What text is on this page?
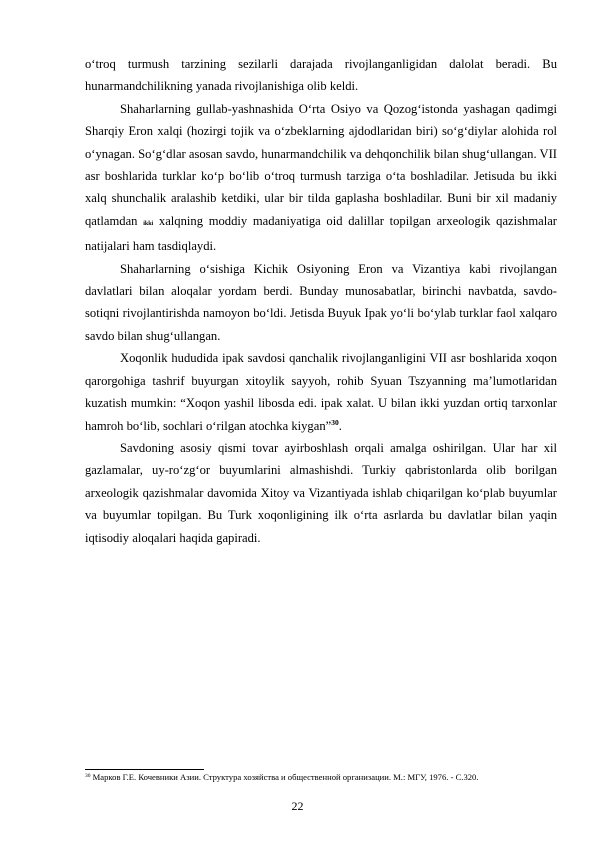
o‘troq turmush tarzining sezilarli darajada rivojlanganligidan dalolat beradi. Bu hunarmandchilikning yanada rivojlanishiga olib keldi.

Shaharlarning gullab-yashnashida O‘rta Osiyo va Qozog‘istonda yashagan qadimgi Sharqiy Eron xalqi (hozirgi tojik va o‘zbeklarning ajdodlaridan biri) so‘g‘diylar alohida rol o‘ynagan. So‘g‘dlar asosan savdo, hunarmandchilik va dehqonchilik bilan shug‘ullangan. VII asr boshlarida turklar ko‘p bo‘lib o‘troq turmush tarziga o‘ta boshladilar. Jetisuda bu ikki xalq shunchalik aralashib ketdiki, ular bir tilda gaplasha boshladilar. Buni bir xil madaniy qatlamdan ikki xalqning moddiy madaniyatiga oid dalillar topilgan arxeologik qazishmalar natijalari ham tasdiqlaydi.

Shaharlarning o‘sishiga Kichik Osiyoning Eron va Vizantiya kabi rivojlangan davlatlari bilan aloqalar yordam berdi. Bunday munosabatlar, birinchi navbatda, savdo-sotiqni rivojlantirishda namoyon bo‘ldi. Jetisda Buyuk Ipak yo‘li bo‘ylab turklar faol xalqaro savdo bilan shug‘ullangan.

Xoqonlik hududida ipak savdosi qanchalik rivojlanganligini VII asr boshlarida xoqon qarorgohiga tashrif buyurgan xitoylik sayyoh, rohib Syuan Tszyanning ma’lumotlaridan kuzatish mumkin: “Xoqon yashil libosda edi. ipak xalat. U bilan ikki yuzdan ortiq tarxonlar hamroh bo‘lib, sochlari o‘rilgan atochka kiygan”$^{30}$.

Savdoning asosiy qismi tovar ayirboshlash orqali amalga oshirilgan. Ular har xil gazlamalar, uy-ro‘zg‘or buyumlarini almashishdi. Turkiy qabristonlarda olib borilgan arxeologik qazishmalar davomida Xitoy va Vizantiyada ishlab chiqarilgan ko‘plab buyumlar va buyumlar topilgan. Bu Turk xoqonligining ilk o‘rta asrlarda bu davlatlar bilan yaqin iqtisodiy aloqalari haqida gapiradi.

$^{30}$ Марков Г.Е. Кочевники Азии. Структура хозяйства и общественной организации. М.: МГУ, 1976. - С.320.
22
